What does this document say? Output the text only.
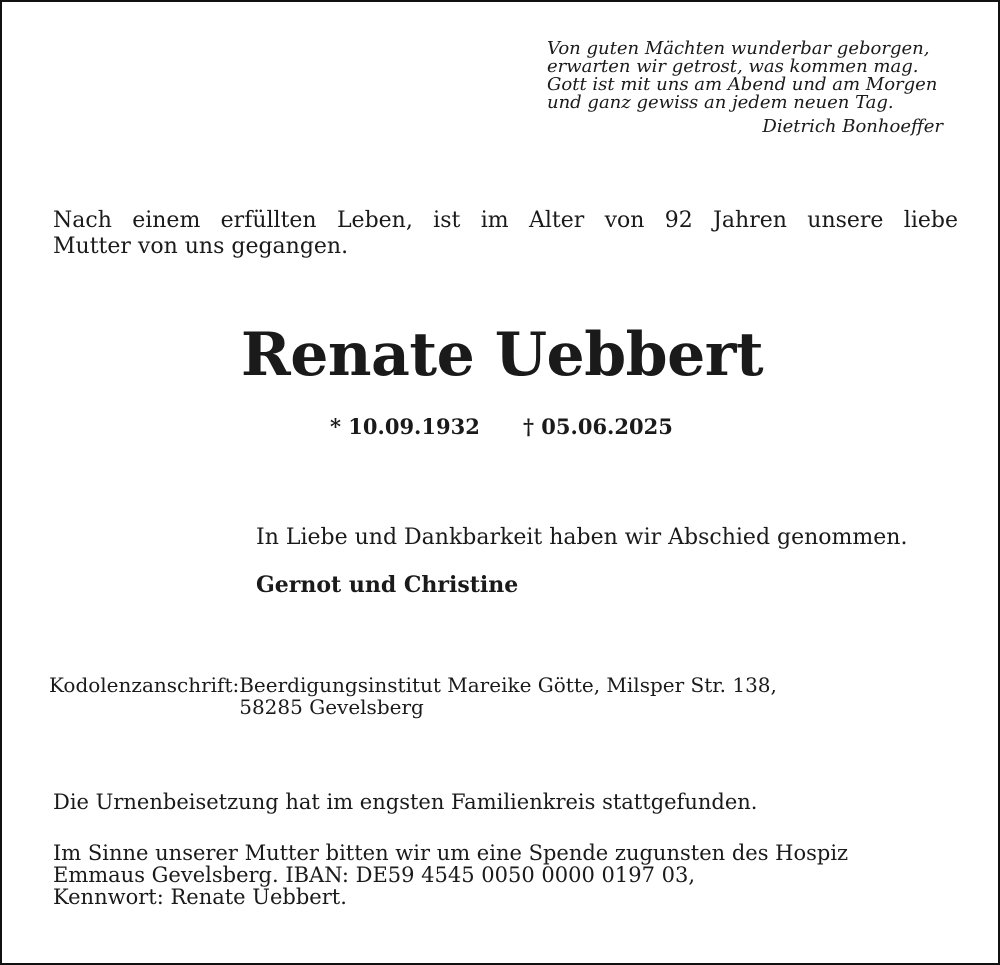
Von guten Mächten wunderbar geborgen,
erwarten wir getrost, was kommen mag.
Gott ist mit uns am Abend und am Morgen
und ganz gewiss an jedem neuen Tag.
Dietrich Bonhoeffer
Nach einem erfüllten Leben, ist im Alter von 92 Jahren unsere liebe
Mutter von uns gegangen.
Renate Uebbert
* 10.09.1932 † 05.06.2025
In Liebe und Dankbarkeit haben wir Abschied genommen.
Gernot und Christine
Kodolenzanschrift: Beerdigungsinstitut Mareike Götte, Milsper Str. 138,
58285 Gevelsberg
Die Urnenbeisetzung hat im engsten Familienkreis stattgefunden.
Im Sinne unserer Mutter bitten wir um eine Spende zugunsten des Hospiz
Emmaus Gevelsberg. IBAN: DE59 4545 0050 0000 0197 03,
Kennwort: Renate Uebbert.
